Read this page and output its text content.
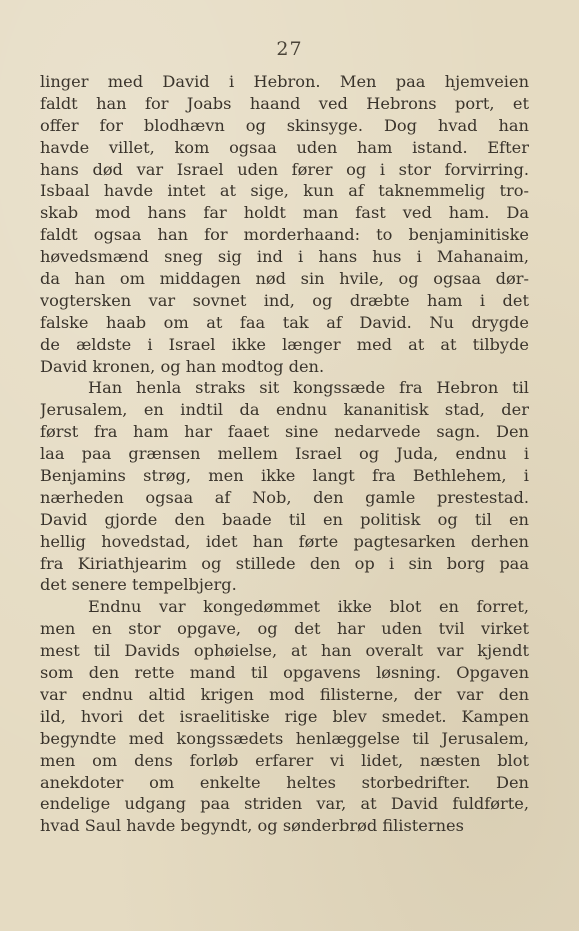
27
linger med David i Hebron. Men paa hjemveien
faldt han for Joabs haand ved Hebrons port, et
offer for blodhævn og skinsyge. Dog hvad han
havde villet, kom ogsaa uden ham istand. Efter
hans død var Israel uden fører og i stor forvirring.
Isbaal havde intet at sige, kun af taknemmelig tro-
skab mod hans far holdt man fast ved ham. Da
faldt ogsaa han for morderhaand: to benjaminitiske
høvedsmænd sneg sig ind i hans hus i Mahanaim,
da han om middagen nød sin hvile, og ogsaa dør-
vogtersken var sovnet ind, og dræbte ham i det
falske haab om at faa tak af David. Nu drygde
de ældste i Israel ikke længer med at at tilbyde
David kronen, og han modtog den.
Han henla straks sit kongssæde fra Hebron til
Jerusalem, en indtil da endnu kananitisk stad, der
først fra ham har faaet sine nedarvede sagn. Den
laa paa grænsen mellem Israel og Juda, endnu i
Benjamins strøg, men ikke langt fra Bethlehem, i
nærheden ogsaa af Nob, den gamle prestestad.
David gjorde den baade til en politisk og til en
hellig hovedstad, idet han førte pagtesarken derhen
fra Kiriathjearim og stillede den op i sin borg paa
det senere tempelbjerg.
Endnu var kongedømmet ikke blot en forret,
men en stor opgave, og det har uden tvil virket
mest til Davids ophøielse, at han overalt var kjendt
som den rette mand til opgavens løsning. Opgaven
var endnu altid krigen mod filisterne, der var den
ild, hvori det israelitiske rige blev smedet. Kampen
begyndte med kongssædets henlæggelse til Jerusalem,
men om dens forløb erfarer vi lidet, næsten blot
anekdoter om enkelte heltes storbedrifter. Den
endelige udgang paa striden var, at David fuldførte,
hvad Saul havde begyndt, og sønderbrød filisternes
